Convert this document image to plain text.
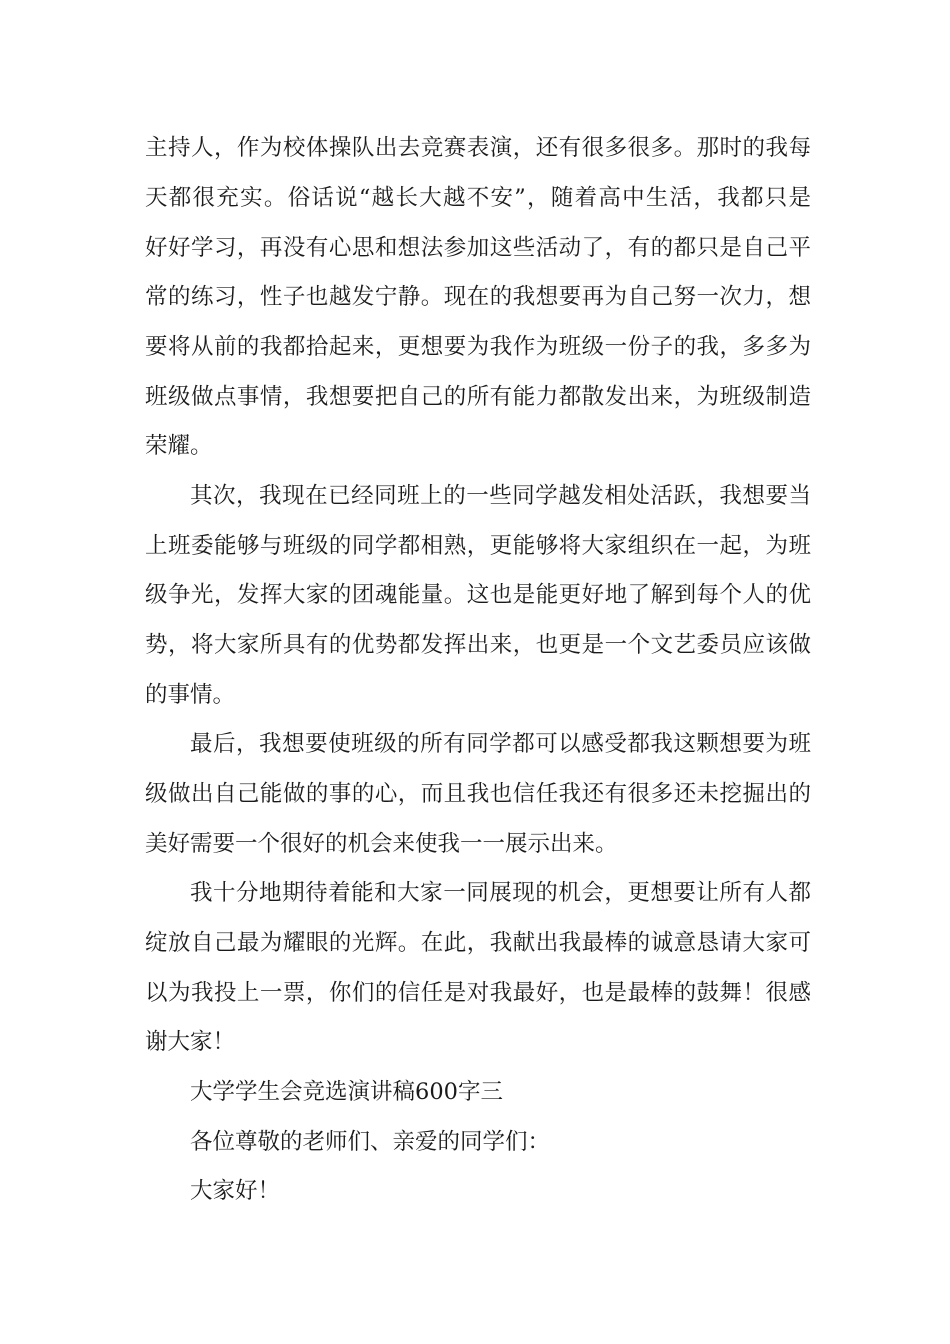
主持人，作为校体操队出去竞赛表演，还有很多很多。那时的我每
天都很充实。俗话说“越长大越不安”，随着高中生活，我都只是
好好学习，再没有心思和想法参加这些活动了，有的都只是自己平
常的练习，性子也越发宁静。现在的我想要再为自己努一次力，想
要将从前的我都拾起来，更想要为我作为班级一份子的我，多多为
班级做点事情，我想要把自己的所有能力都散发出来，为班级制造
荣耀。
其次，我现在已经同班上的一些同学越发相处活跃，我想要当
上班委能够与班级的同学都相熟，更能够将大家组织在一起，为班
级争光，发挥大家的团魂能量。这也是能更好地了解到每个人的优
势，将大家所具有的优势都发挥出来，也更是一个文艺委员应该做
的事情。
最后，我想要使班级的所有同学都可以感受都我这颗想要为班
级做出自己能做的事的心，而且我也信任我还有很多还未挖掘出的
美好需要一个很好的机会来使我一一展示出来。
我十分地期待着能和大家一同展现的机会，更想要让所有人都
绽放自己最为耀眼的光辉。在此，我献出我最棒的诚意恳请大家可
以为我投上一票，你们的信任是对我最好，也是最棒的鼓舞！很感
谢大家！
大学学生会竞选演讲稿600字三
各位尊敬的老师们、亲爱的同学们：
大家好！
